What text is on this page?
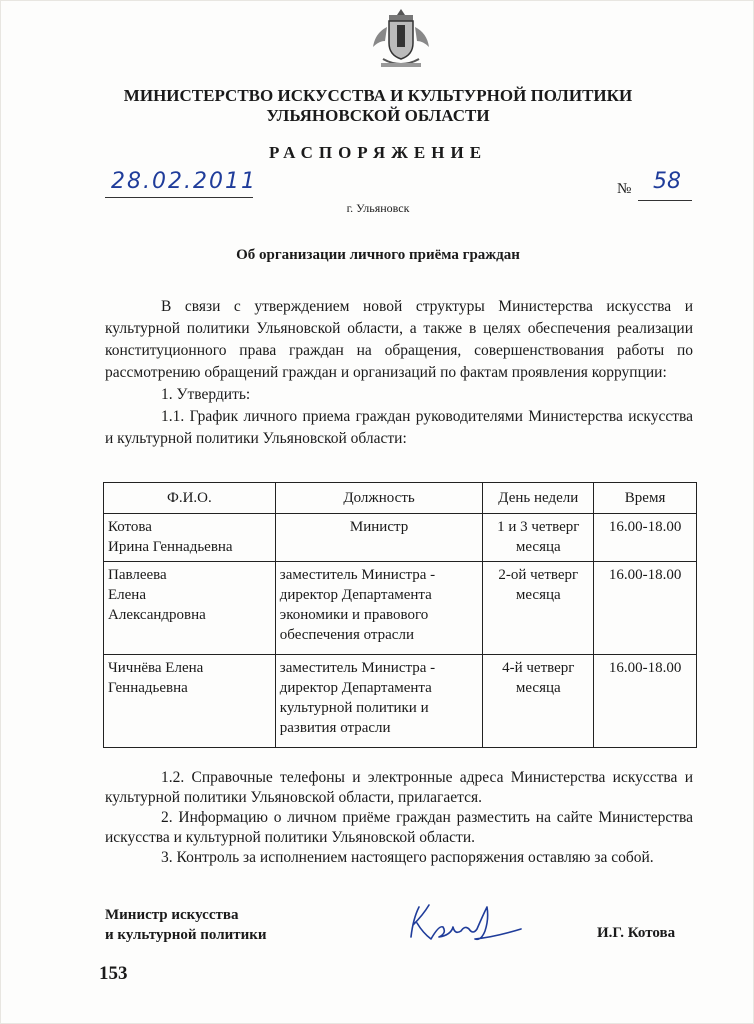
МИНИСТЕРСТВО ИСКУССТВА И КУЛЬТУРНОЙ ПОЛИТИКИ
УЛЬЯНОВСКОЙ ОБЛАСТИ
РАСПОРЯЖЕНИЕ
28.02.2011	№ 58
г. Ульяновск
Об организации личного приёма граждан

В связи с утверждением новой структуры Министерства искусства и культурной политики Ульяновской области, а также в целях обеспечения реализации конституционного права граждан на обращения, совершенствования работы по рассмотрению обращений граждан и организаций по фактам проявления коррупции:

1. Утвердить:

1.1. График личного приема граждан руководителями Министерства искусства и культурной политики Ульяновской области:

Ф.И.О.	Должность	День недели	Время

Котова
Ирина Геннадьевна	Министр	1 и 3 четверг месяца	16.00-18.00

Павлеева
Елена
Александровна	заместитель Министра - директор Департамента экономики и правового обеспечения отрасли	2-ой четверг месяца	16.00-18.00

Чичнёва Елена
Геннадьевна	заместитель Министра - директор Департамента культурной политики и развития отрасли	4-й четверг месяца	16.00-18.00

1.2. Справочные телефоны и электронные адреса Министерства искусства и культурной политики Ульяновской области, прилагается.

2. Информацию о личном приёме граждан разместить на сайте Министерства искусства и культурной политики Ульяновской области.

3. Контроль за исполнением настоящего распоряжения оставляю за собой.

Министр искусства
и культурной политики	И.Г. Котова
153
